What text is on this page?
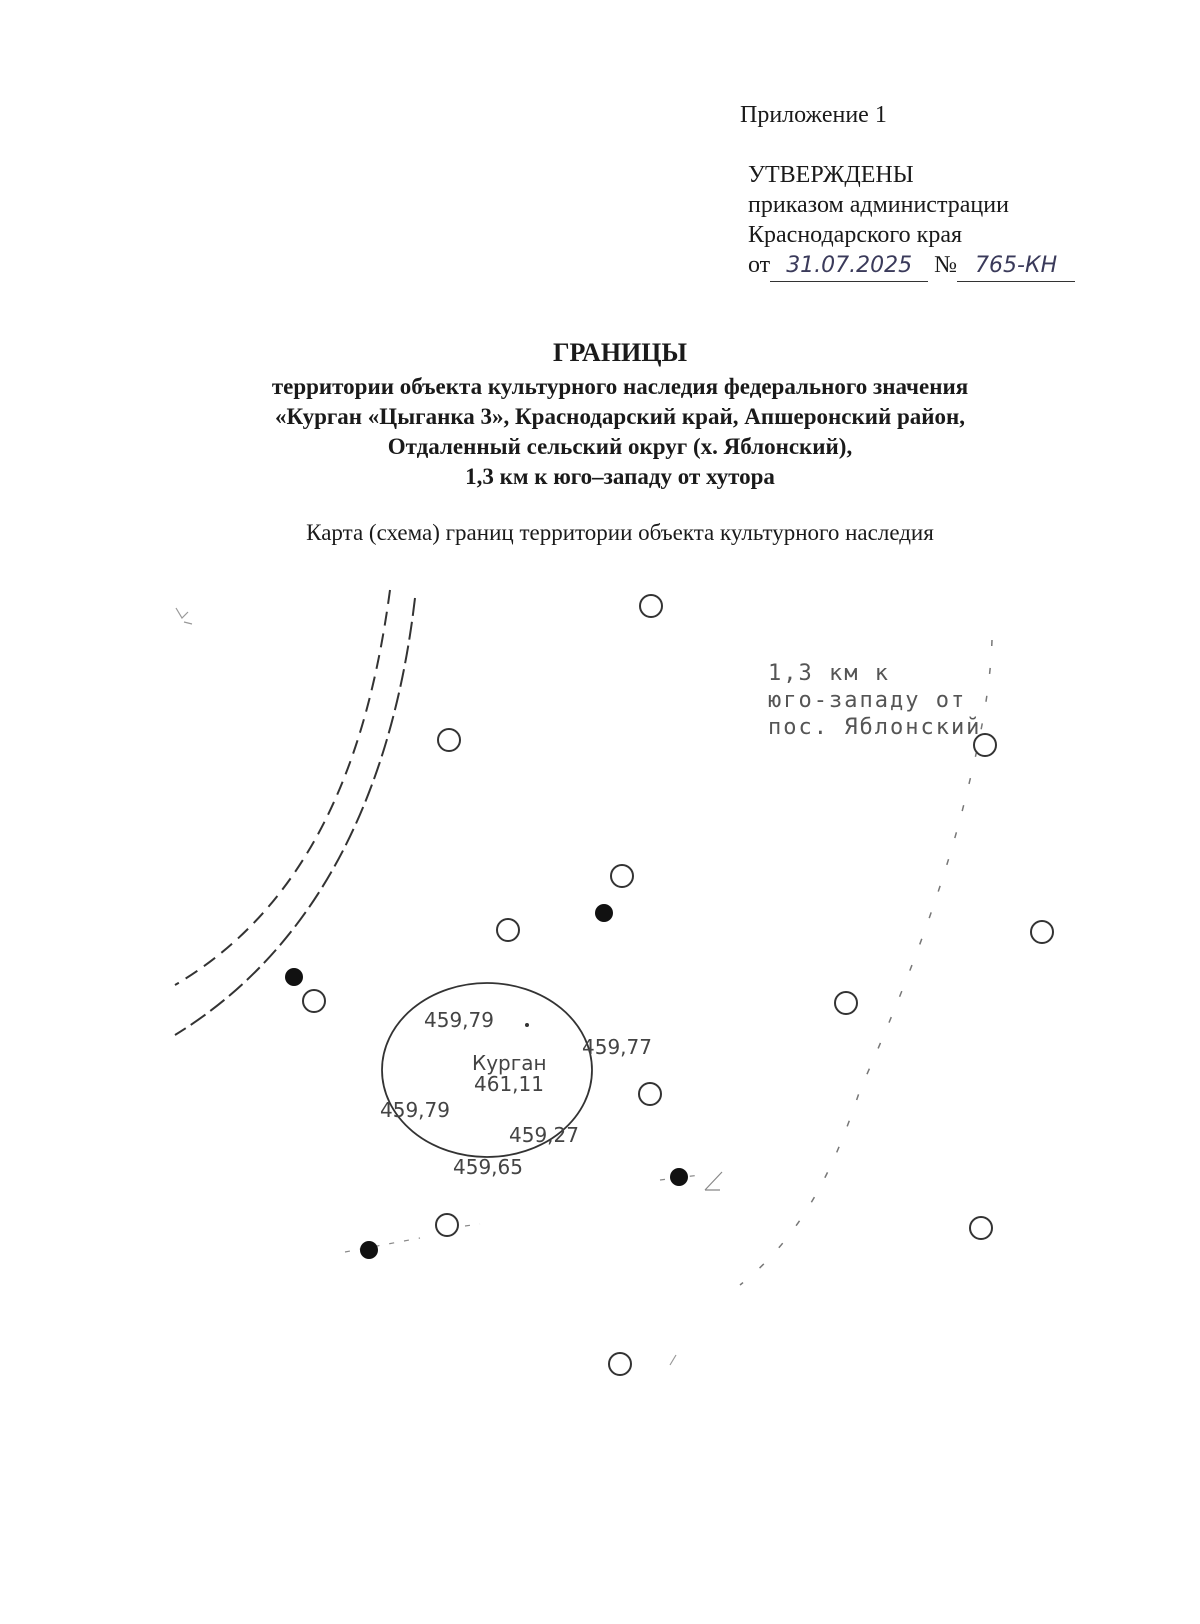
Приложение 1
УТВЕРЖДЕНЫ
приказом администрации
Краснодарского края
от 31.07.2025 № 765-КН
ГРАНИЦЫ
территории объекта культурного наследия федерального значения
«Курган «Цыганка 3», Краснодарский край, Апшеронский район,
Отдаленный сельский округ (х. Яблонский),
1,3 км к юго–западу от хутора
Карта (схема) границ территории объекта культурного наследия
1,3 км к
юго-западу от
пос. Яблонский
Курган
461,11
459,79
459,77
459,79
459,27
459,65
